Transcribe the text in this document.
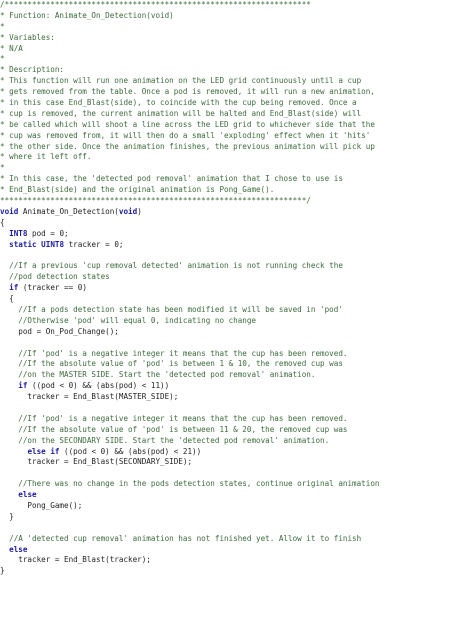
/*******************************************************************
* Function: Animate_On_Detection(void)
*
* Variables:
* N/A
*
* Description:
* This function will run one animation on the LED grid continuously until a cup
* gets removed from the table. Once a pod is removed, it will run a new animation,
* in this case End_Blast(side), to coincide with the cup being removed. Once a
* cup is removed, the current animation will be halted and End_Blast(side) will
* be called which will shoot a line across the LED grid to whichever side that the
* cup was removed from, it will then do a small 'exploding' effect when it 'hits'
* the other side. Once the animation finishes, the previous animation will pick up
* where it left off.
*
* In this case, the 'detected pod removal' animation that I chose to use is
* End_Blast(side) and the original animation is Pong_Game().
*******************************************************************/
void Animate_On_Detection(void)
{
INT8 pod = 0;
static UINT8 tracker = 0;
//If a previous 'cup removal detected' animation is not running check the
//pod detection states
if (tracker == 0)
{
//If a pods detection state has been modified it will be saved in 'pod'
//Otherwise 'pod' will equal 0, indicating no change
pod = On_Pod_Change();
//If 'pod' is a negative integer it means that the cup has been removed.
//If the absolute value of 'pod' is between 1 & 10, the removed cup was
//on the MASTER SIDE. Start the 'detected pod removal' animation.
if ((pod < 0) && (abs(pod) < 11))
tracker = End_Blast(MASTER_SIDE);
//If 'pod' is a negative integer it means that the cup has been removed.
//If the absolute value of 'pod' is between 11 & 20, the removed cup was
//on the SECONDARY SIDE. Start the 'detected pod removal' animation.
else if ((pod < 0) && (abs(pod) < 21))
tracker = End_Blast(SECONDARY_SIDE);
//There was no change in the pods detection states, continue original animation
else
Pong_Game();
}
//A 'detected cup removal' animation has not finished yet. Allow it to finish
else
tracker = End_Blast(tracker);
}
